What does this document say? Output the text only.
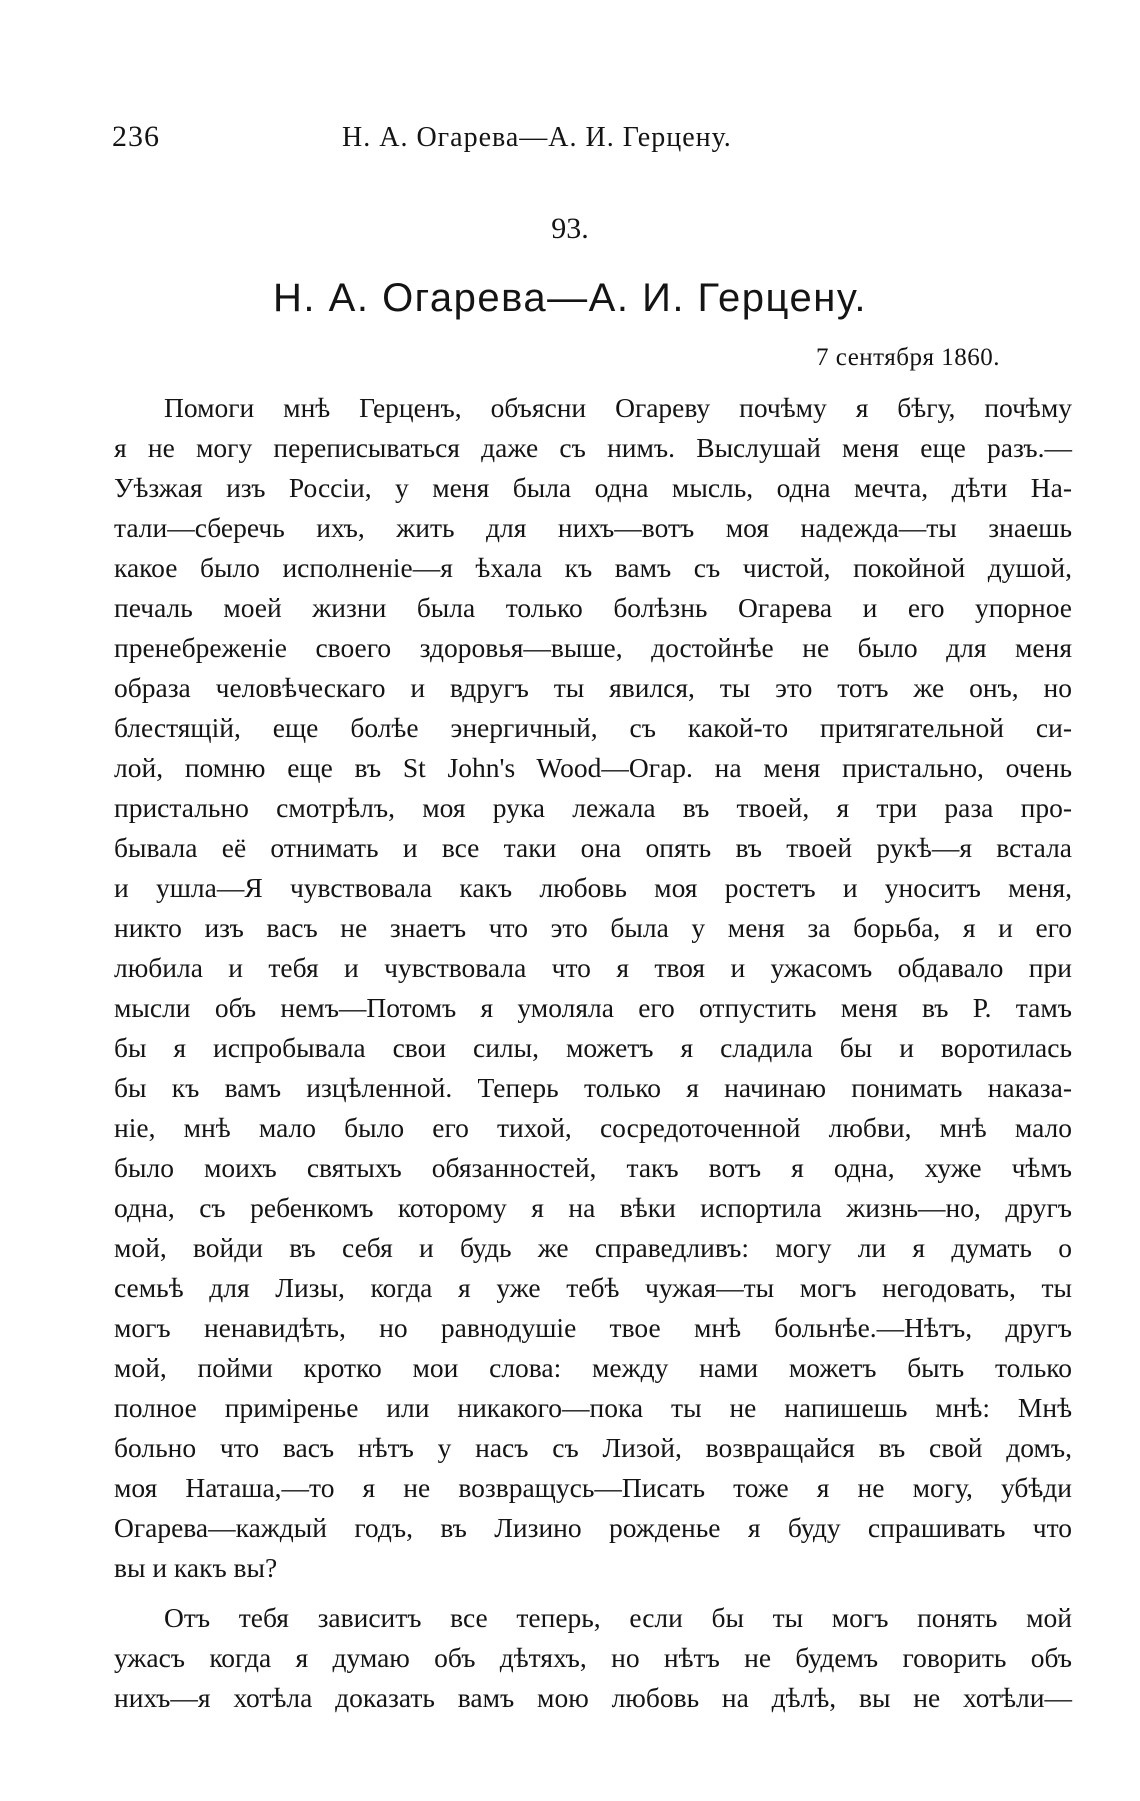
236	Н. А. Огарева—А. И. Герцену.
93.
Н. А. Огарева—А. И. Герцену.
7 сентября 1860.
Помоги мнѣ Герценъ, объясни Огареву почѣму я бѣгу, почѣму
я не могу переписываться даже съ нимъ. Выслушай меня еще разъ.—
Уѣзжая изъ Россiи, у меня была одна мысль, одна мечта, дѣти На-
тали—сберечь ихъ, жить для нихъ—вотъ моя надежда—ты знаешь
какое было исполненiе—я ѣхала къ вамъ съ чистой, покойной душой,
печаль моей жизни была только болѣзнь Огарева и его упорное
пренебреженiе своего здоровья—выше, достойнѣе не было для меня
образа человѣческаго и вдругъ ты явился, ты это тотъ же онъ, но
блестящiй, еще болѣе энергичный, съ какой-то притягательной си-
лой, помню еще въ St John's Wood—Огар. на меня пристально, очень
пристально смотрѣлъ, моя рука лежала въ твоей, я три раза про-
бывала её отнимать и все таки она опять въ твоей рукѣ—я встала
и ушла—Я чувствовала какъ любовь моя ростетъ и уноситъ меня,
никто изъ васъ не знаетъ что это была у меня за борьба, я и его
любила и тебя и чувствовала что я твоя и ужасомъ обдавало при
мысли объ немъ—Потомъ я умоляла его отпустить меня въ Р. тамъ
бы я испробывала свои силы, можетъ я сладила бы и воротилась
бы къ вамъ изцѣленной. Теперь только я начинаю понимать наказа-
нiе, мнѣ мало было его тихой, сосредоточенной любви, мнѣ мало
было моихъ святыхъ обязанностей, такъ вотъ я одна, хуже чѣмъ
одна, съ ребенкомъ которому я на вѣки испортила жизнь—но, другъ
мой, войди въ себя и будь же справедливъ: могу ли я думать о
семьѣ для Лизы, когда я уже тебѣ чужая—ты могъ негодовать, ты
могъ ненавидѣть, но равнодушiе твое мнѣ больнѣе.—Нѣтъ, другъ
мой, пойми кротко мои слова: между нами можетъ быть только
полное примiренье или никакого—пока ты не напишешь мнѣ: Мнѣ
больно что васъ нѣтъ у насъ съ Лизой, возвращайся въ свой домъ,
моя Наташа,—то я не возвращусь—Писать тоже я не могу, убѣди
Огарева—каждый годъ, въ Лизино рожденье я буду спрашивать что
вы и какъ вы?
Отъ тебя зависитъ все теперь, если бы ты могъ понять мой
ужасъ когда я думаю объ дѣтяхъ, но нѣтъ не будемъ говорить объ
нихъ—я хотѣла доказать вамъ мою любовь на дѣлѣ, вы не хотѣли—
